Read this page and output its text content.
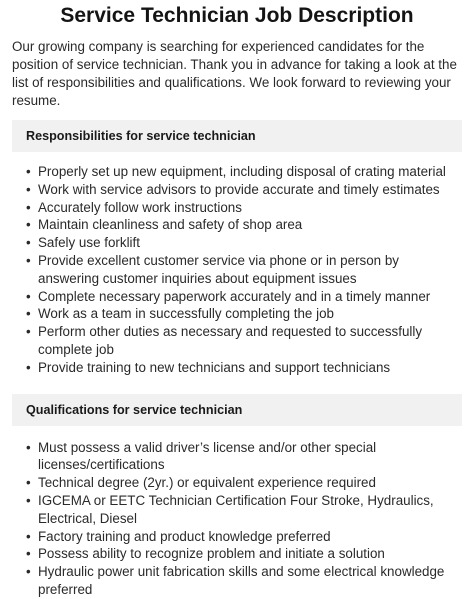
Service Technician Job Description

Our growing company is searching for experienced candidates for the position of service technician. Thank you in advance for taking a look at the list of responsibilities and qualifications. We look forward to reviewing your resume.

Responsibilities for service technician
• Properly set up new equipment, including disposal of crating material
• Work with service advisors to provide accurate and timely estimates
• Accurately follow work instructions
• Maintain cleanliness and safety of shop area
• Safely use forklift
• Provide excellent customer service via phone or in person by answering customer inquiries about equipment issues
• Complete necessary paperwork accurately and in a timely manner
• Work as a team in successfully completing the job
• Perform other duties as necessary and requested to successfully complete job
• Provide training to new technicians and support technicians
Qualifications for service technician
• Must possess a valid driver’s license and/or other special licenses/certifications
• Technical degree (2yr.) or equivalent experience required
• IGCEMA or EETC Technician Certification Four Stroke, Hydraulics, Electrical, Diesel
• Factory training and product knowledge preferred
• Possess ability to recognize problem and initiate a solution
• Hydraulic power unit fabrication skills and some electrical knowledge preferred
